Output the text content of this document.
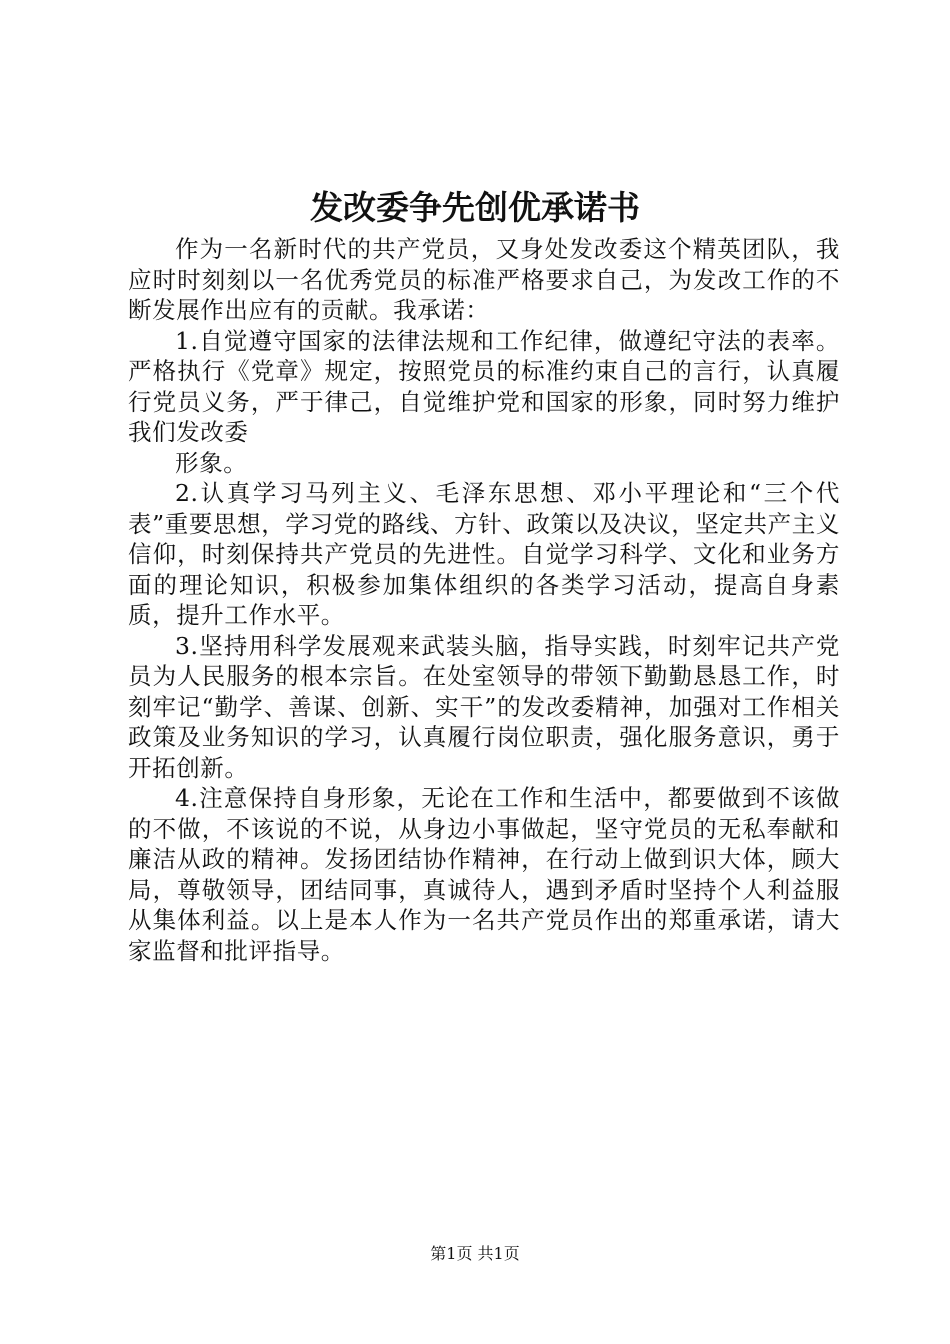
发改委争先创优承诺书

作为一名新时代的共产党员，又身处发改委这个精英团队，我应时时刻刻以一名优秀党员的标准严格要求自己，为发改工作的不断发展作出应有的贡献。我承诺：

1.自觉遵守国家的法律法规和工作纪律，做遵纪守法的表率。严格执行《党章》规定，按照党员的标准约束自己的言行，认真履行党员义务，严于律己，自觉维护党和国家的形象，同时努力维护我们发改委

形象。

2.认真学习马列主义、毛泽东思想、邓小平理论和“三个代表”重要思想，学习党的路线、方针、政策以及决议，坚定共产主义信仰，时刻保持共产党员的先进性。自觉学习科学、文化和业务方面的理论知识，积极参加集体组织的各类学习活动，提高自身素质，提升工作水平。

3.坚持用科学发展观来武装头脑，指导实践，时刻牢记共产党员为人民服务的根本宗旨。在处室领导的带领下勤勤恳恳工作，时刻牢记“勤学、善谋、创新、实干”的发改委精神，加强对工作相关政策及业务知识的学习，认真履行岗位职责，强化服务意识，勇于开拓创新。

4.注意保持自身形象，无论在工作和生活中，都要做到不该做的不做，不该说的不说，从身边小事做起，坚守党员的无私奉献和廉洁从政的精神。发扬团结协作精神，在行动上做到识大体，顾大局，尊敬领导，团结同事，真诚待人，遇到矛盾时坚持个人利益服从集体利益。以上是本人作为一名共产党员作出的郑重承诺，请大家监督和批评指导。

第1页 共1页
